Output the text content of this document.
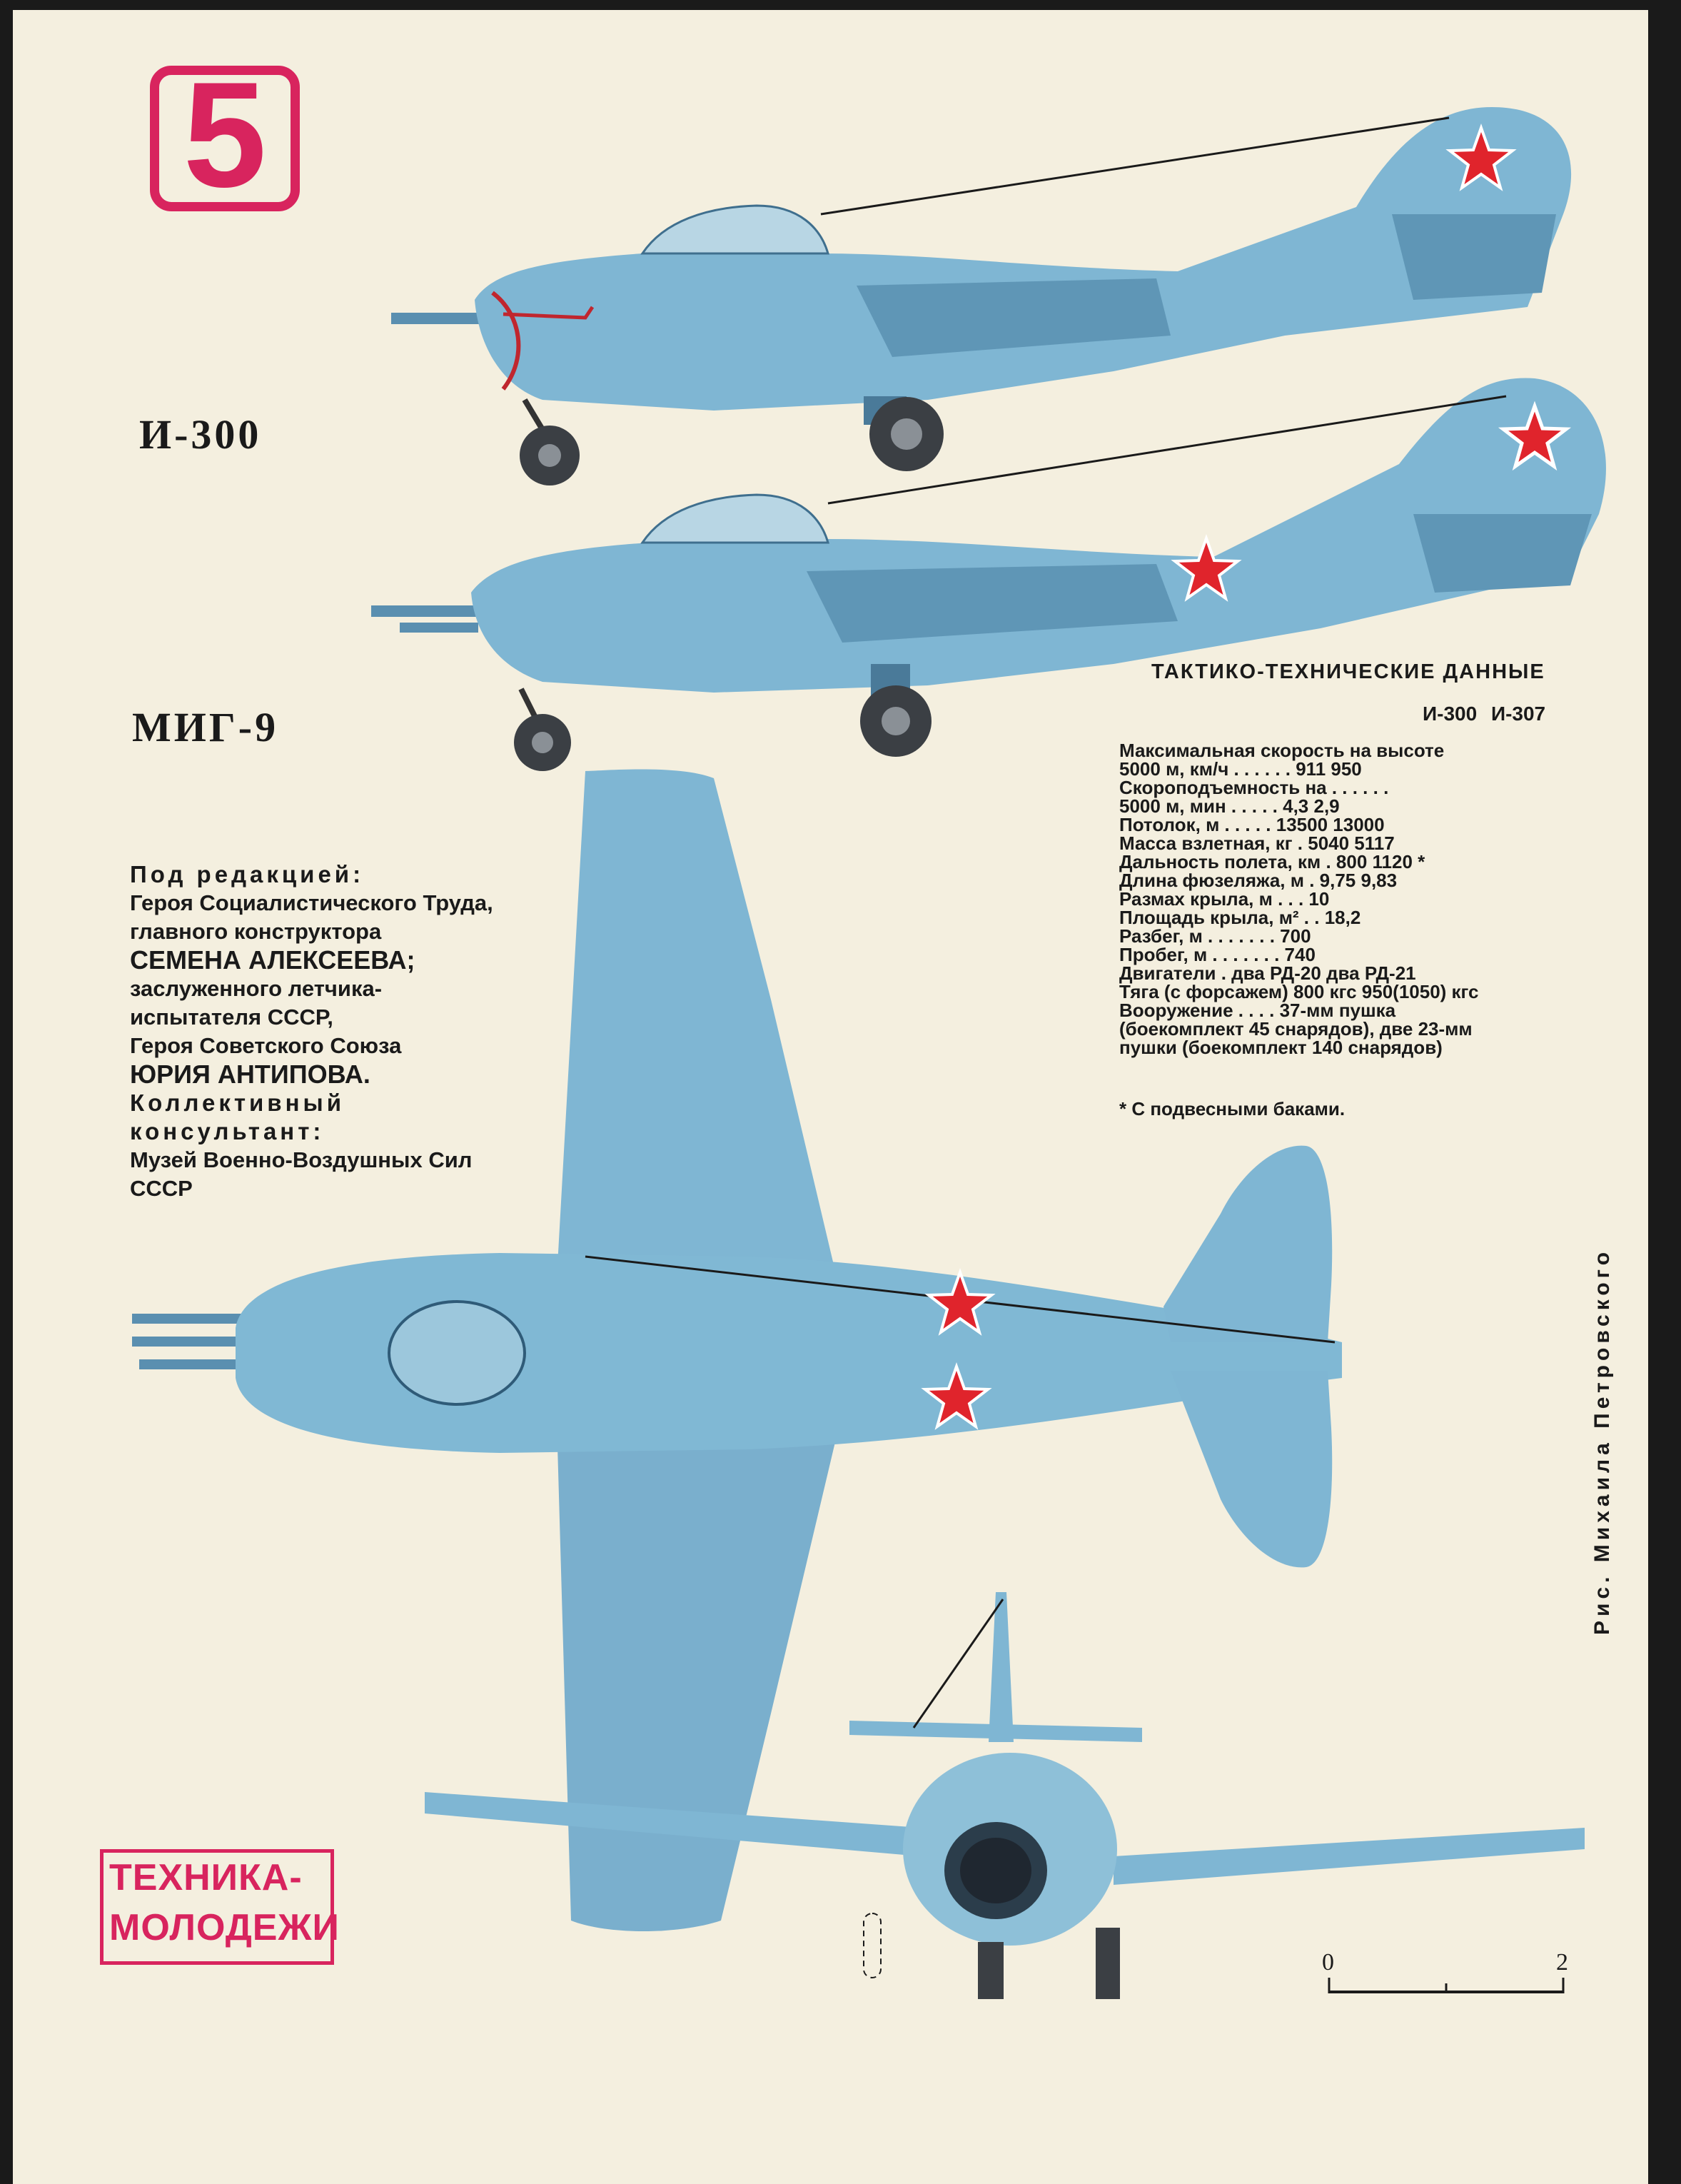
5
И-300
МИГ-9
Под редакцией:
Героя Социалистического Труда,
главного конструктора
СЕМЕНА АЛЕКСЕЕВА;
заслуженного летчика-
испытателя СССР,
Героя Советского Союза
ЮРИЯ АНТИПОВА.
Коллективный
консультант:
Музей Военно-Воздушных Сил
СССР
ТАКТИКО-ТЕХНИЧЕСКИЕ ДАННЫЕ
И-300 И-307
Максимальная скорость на высоте
5000 м, км/ч . . . . . . 911 950
Скороподъемность на . . . . . .
5000 м, мин . . . . . 4,3 2,9
Потолок, м . . . . . 13500 13000
Масса взлетная, кг . 5040 5117
Дальность полета, км . 800 1120 *
Длина фюзеляжа, м . 9,75 9,83
Размах крыла, м . . . 10
Площадь крыла, м² . . 18,2
Разбег, м . . . . . . . 700
Пробег, м . . . . . . . 740
Двигатели . два РД-20 два РД-21
Тяга (с форсажем) 800 кгс 950(1050) кгс
Вооружение . . . . 37-мм пушка
(боекомплект 45 снарядов), две 23-мм
пушки (боекомплект 140 снарядов)
* С подвесными баками.
Рис. Михаила Петровского
ТЕХНИКА-
МОЛОДЕЖИ
0	2
